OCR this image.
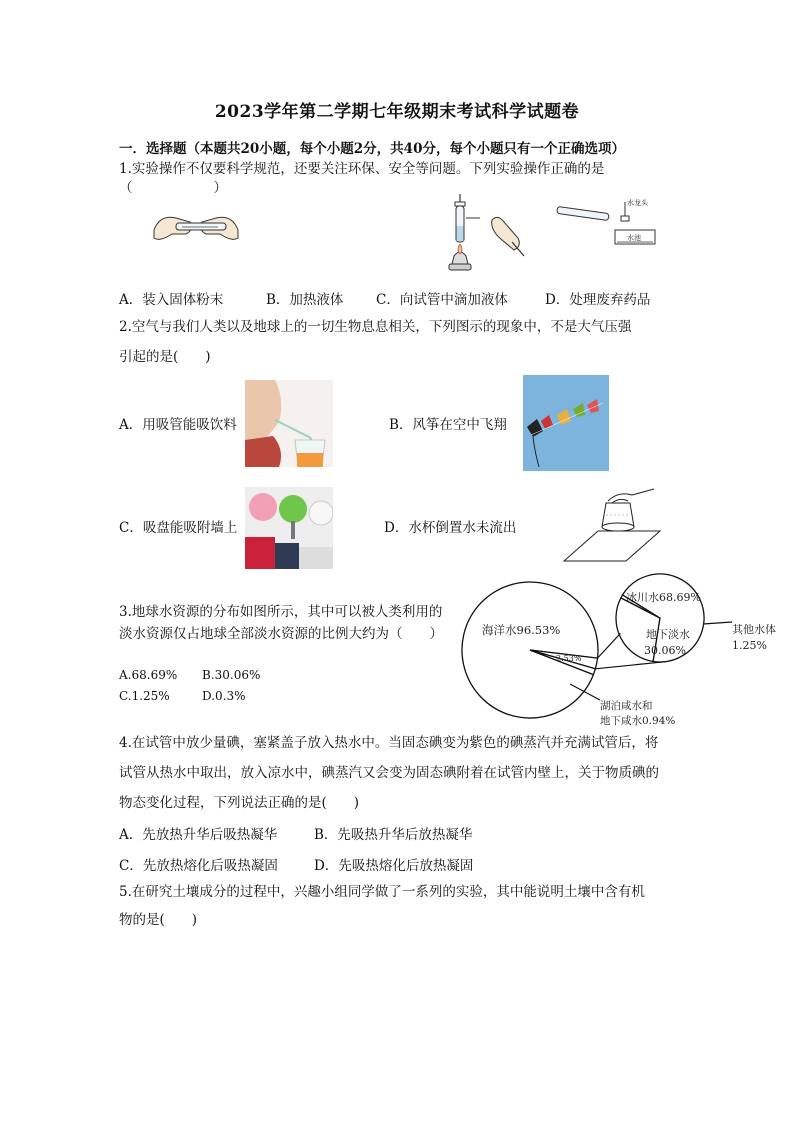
2023学年第二学期七年级期末考试科学试题卷
一．选择题（本题共20小题，每个小题2分，共40分，每个小题只有一个正确选项）
1.实验操作不仅要科学规范，还要关注环保、安全等问题。下列实验操作正确的是
（　　　　　　）
水龙头
水池
A．装入固体粉末	B．加热液体 C．向试管中滴加液体	D．处理废弃药品
2.空气与我们人类以及地球上的一切生物息息相关，下列图示的现象中，不是大气压强
引起的是(　　)
A．用吸管能吸饮料	B．风筝在空中飞翔
C．吸盘能吸附墙上	D．水杯倒置水未流出
3.地球水资源的分布如图所示，其中可以被人类利用的
淡水资源仅占地球全部淡水资源的比例大约为（　　）
A.68.69% B.30.06%
C.1.25%	D.0.3%
海洋水96.53%
2.53%
湖泊咸水和
地下咸水0.94%
冰川水68.69%
地下淡水
30.06%
其他水体
1.25%
4.在试管中放少量碘，塞紧盖子放入热水中。当固态碘变为紫色的碘蒸汽并充满试管后，将
试管从热水中取出，放入凉水中，碘蒸汽又会变为固态碘附着在试管内壁上，关于物质碘的
物态变化过程，下列说法正确的是(　　)
A．先放热升华后吸热凝华	B．先吸热升华后放热凝华
C．先放热熔化后吸热凝固	D．先吸热熔化后放热凝固
5.在研究土壤成分的过程中，兴趣小组同学做了一系列的实验，其中能说明土壤中含有机
物的是(　　)
